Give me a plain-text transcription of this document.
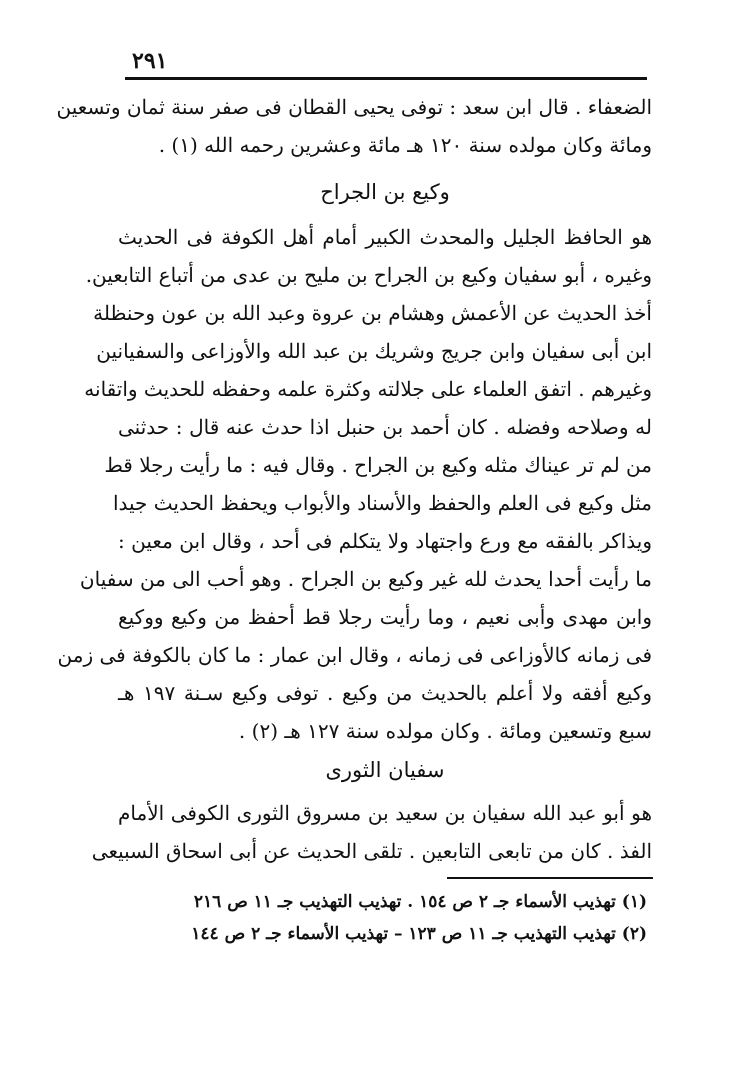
٢٩١
الضعفاء . قال ابن سعد : توفى يحيى القطان فى صفر سنة ثمان وتسعين
ومائة وكان مولده سنة ١٢٠ هـ مائة وعشرين رحمه الله (١) .
وكيع بن الجراح
هو الحافظ الجليل والمحدث الكبير أمام أهل الكوفة فى الحديث
وغيره ، أبو سفيان وكيع بن الجراح بن مليح بن عدى من أتباع التابعين.
أخذ الحديث عن الأعمش وهشام بن عروة وعبد الله بن عون وحنظلة
ابن أبى سفيان وابن جريج وشريك بن عبد الله والأوزاعى والسفيانين
وغيرهم . اتفق العلماء على جلالته وكثرة علمه وحفظه للحديث واتقانه
له وصلاحه وفضله . كان أحمد بن حنبل اذا حدث عنه قال : حدثنى
من لم تر عيناك مثله وكيع بن الجراح . وقال فيه : ما رأيت رجلا قط
مثل وكيع فى العلم والحفظ والأسناد والأبواب ويحفظ الحديث جيدا
ويذاكر بالفقه مع ورع واجتهاد ولا يتكلم فى أحد ، وقال ابن معين :
ما رأيت أحدا يحدث لله غير وكيع بن الجراح . وهو أحب الى من سفيان
وابن مهدى وأبى نعيم ، وما رأيت رجلا قط أحفظ من وكيع ووكيع
فى زمانه كالأوزاعى فى زمانه ، وقال ابن عمار : ما كان بالكوفة فى زمن
وكيع أفقه ولا أعلم بالحديث من وكيع . توفى وكيع سـنة ١٩٧ هـ
سبع وتسعين ومائة . وكان مولده سنة ١٢٧ هـ (٢) .
سفيان الثورى
هو أبو عبد الله سفيان بن سعيد بن مسروق الثورى الكوفى الأمام
الفذ . كان من تابعى التابعين . تلقى الحديث عن أبى اسحاق السبيعى
(١) تهذيب الأسماء جـ ٢ ص ١٥٤ . تهذيب التهذيب جـ ١١ ص ٢١٦
(٢) تهذيب التهذيب جـ ١١ ص ١٢٣ – تهذيب الأسماء جـ ٢ ص ١٤٤
